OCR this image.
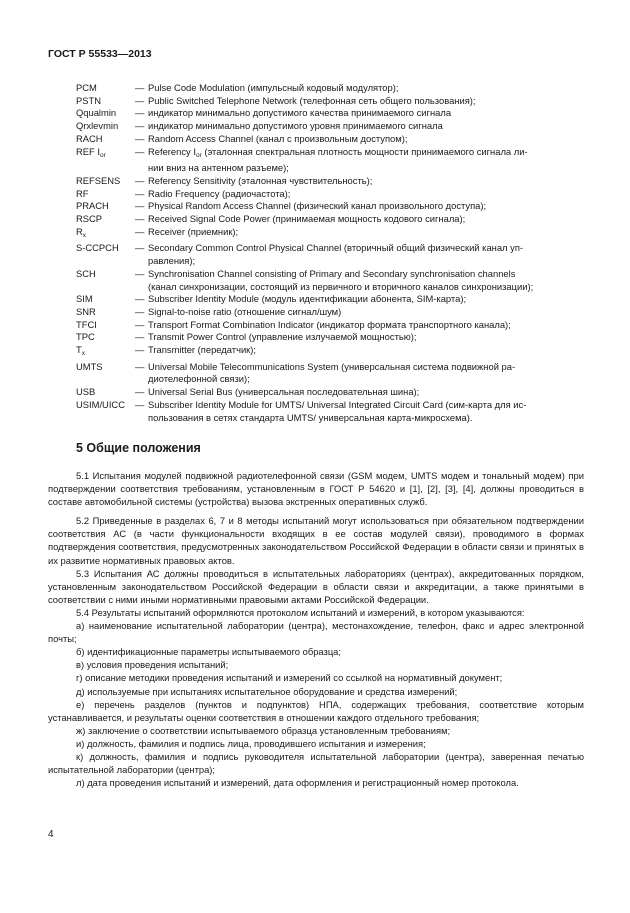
ГОСТ Р 55533—2013
PCM	— Pulse Code Modulation (импульсный кодовый модулятор);
PSTN	— Public Switched Telephone Network (телефонная сеть общего пользования);
Qqualmin	— индикатор минимально допустимого качества принимаемого сигнала
Qrxlevmin	— индикатор минимально допустимого уровня принимаемого сигнала
RACH	— Random Access Channel (канал с произвольным доступом);
REF $I_{or}$	— Referency $I_{or}$ (эталонная спектральная плотность мощности принимаемого сигнала ли-
нии вниз на антенном разъеме);
REFSENS	— Referency Sensitivity (эталонная чувствительность);
RF	— Radio Frequency (радиочастота);
PRACH	— Physical Random Access Channel (физический канал произвольного доступа);
RSCP	— Received Signal Code Power (принимаемая мощность кодового сигнала);
$R_x$	— Receiver (приемник);
S-CCPCH	— Secondary Common Control Physical Channel (вторичный общий физический канал уп-
равления);
SCH	— Synchronisation Channel consisting of Primary and Secondary synchronisation channels
(канал синхронизации, состоящий из первичного и вторичного каналов синхронизации);
SIM	— Subscriber Identity Module (модуль идентификации абонента, SIM-карта);
SNR	— Signal-to-noise ratio (отношение сигнал/шум)
TFCI	— Transport Format Combination Indicator (индикатор формата транспортного канала);
TPC	— Transmit Power Control (управление излучаемой мощностью);
$T_x$	— Transmitter (передатчик);
UMTS	— Universal Mobile Telecommunications System (универсальная система подвижной ра-
диотелефонной связи);
USB	— Universal Serial Bus (универсальная последовательная шина);
USIM/UICC	— Subscriber Identity Module for UMTS/ Universal Integrated Circuit Card (сим-карта для ис-
пользования в сетях стандарта UMTS/ универсальная карта-микросхема).
5 Общие положения

5.1 Испытания модулей подвижной радиотелефонной связи (GSM модем, UMTS модем и тональный модем) при подтверждении соответствия требованиям, установленным в ГОСТ Р 54620 и [1], [2], [3], [4], должны проводиться в составе автомобильной системы (устройства) вызова экстренных оперативных служб.

5.2 Приведенные в разделах 6, 7 и 8 методы испытаний могут использоваться при обязательном подтверждении соответствия АС (в части функциональности входящих в ее состав модулей связи), проводимого в формах подтверждения соответствия, предусмотренных законодательством Российской Федерации в области связи и принятых в их развитие нормативных правовых актов.

5.3 Испытания АС должны проводиться в испытательных лабораториях (центрах), аккредитованных порядком, установленным законодательством Российской Федерации в области связи и аккредитации, а также принятыми в соответствии с ними иными нормативными правовыми актами Российской Федерации.

5.4 Результаты испытаний оформляются протоколом испытаний и измерений, в котором указываются:

а) наименование испытательной лаборатории (центра), местонахождение, телефон, факс и адрес электронной почты;

б) идентификационные параметры испытываемого образца;

в) условия проведения испытаний;

г) описание методики проведения испытаний и измерений со ссылкой на нормативный документ;

д) используемые при испытаниях испытательное оборудование и средства измерений;

е) перечень разделов (пунктов и подпунктов) НПА, содержащих требования, соответствие которым устанавливается, и результаты оценки соответствия в отношении каждого отдельного требования;

ж) заключение о соответствии испытываемого образца установленным требованиям;

и) должность, фамилия и подпись лица, проводившего испытания и измерения;

к) должность, фамилия и подпись руководителя испытательной лаборатории (центра), заверенная печатью испытательной лаборатории (центра);

л) дата проведения испытаний и измерений, дата оформления и регистрационный номер протокола.

4
